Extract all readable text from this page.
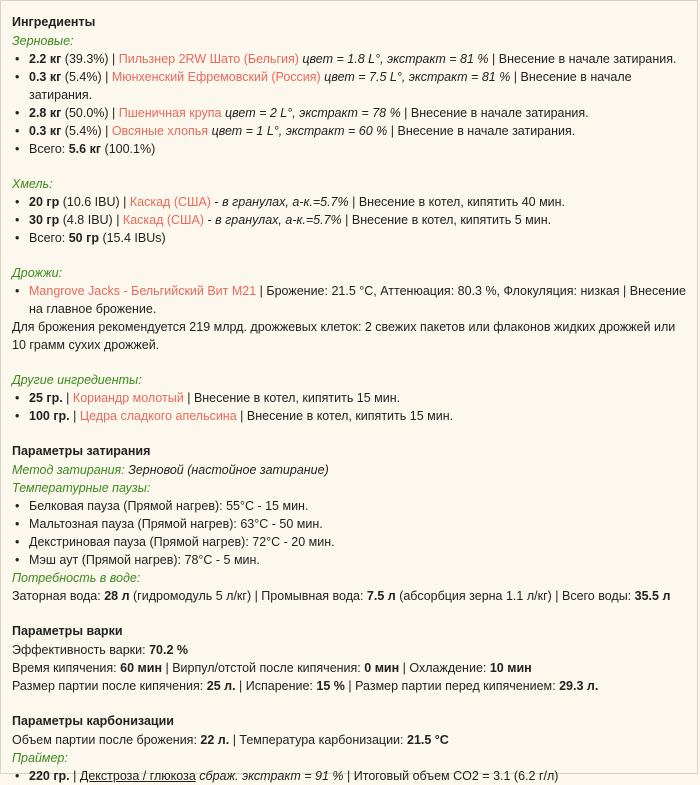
Ингредиенты
Зерновые:
• 2.2 кг (39.3%) | Пильзнер 2RW Шато (Бельгия) цвет = 1.8 L°, экстракт = 81 % | Внесение в начале затирания.
• 0.3 кг (5.4%) | Мюнхенский Ефремовский (Россия) цвет = 7.5 L°, экстракт = 81 % | Внесение в начале затирания.
• 2.8 кг (50.0%) | Пшеничная крупа цвет = 2 L°, экстракт = 78 % | Внесение в начале затирания.
• 0.3 кг (5.4%) | Овсяные хлопья цвет = 1 L°, экстракт = 60 % | Внесение в начале затирания.
• Всего: 5.6 кг (100.1%)
Хмель:
• 20 гр (10.6 IBU) | Каскад (США) - в гранулах, а-к.=5.7% | Внесение в котел, кипятить 40 мин.
• 30 гр (4.8 IBU) | Каскад (США) - в гранулах, а-к.=5.7% | Внесение в котел, кипятить 5 мин.
• Всего: 50 гр (15.4 IBUs)
Дрожжи:
• Mangrove Jacks - Бельгийский Вит M21 | Брожение: 21.5 °C, Аттенюация: 80.3 %, Флокуляция: низкая | Внесение на главное брожение.
Для брожения рекомендуется 219 млрд. дрожжевых клеток: 2 свежих пакетов или флаконов жидких дрожжей или 10 грамм сухих дрожжей.
Другие ингредиенты:
• 25 гр. | Кориандр молотый | Внесение в котел, кипятить 15 мин.
• 100 гр. | Цедра сладкого апельсина | Внесение в котел, кипятить 15 мин.
Параметры затирания
Метод затирания: Зерновой (настойное затирание)
Температурные паузы:
• Белковая пауза (Прямой нагрев): 55°C - 15 мин.
• Мальтозная пауза (Прямой нагрев): 63°C - 50 мин.
• Декстриновая пауза (Прямой нагрев): 72°C - 20 мин.
• Мэш аут (Прямой нагрев): 78°C - 5 мин.
Потребность в воде:
Заторная вода: 28 л (гидромодуль 5 л/кг) | Промывная вода: 7.5 л (абсорбция зерна 1.1 л/кг) | Всего воды: 35.5 л
Параметры варки
Эффективность варки: 70.2 %
Время кипячения: 60 мин | Вирпул/отстой после кипячения: 0 мин | Охлаждение: 10 мин
Размер партии после кипячения: 25 л. | Испарение: 15 % | Размер партии перед кипячением: 29.3 л.
Параметры карбонизации
Объем партии после брожения: 22 л. | Температура карбонизации: 21.5 °C
Праймер:
• 220 гр. | Декстроза / глюкоза сбраж. экстракт = 91 % | Итоговый объем CO2 = 3.1 (6.2 г/л)
